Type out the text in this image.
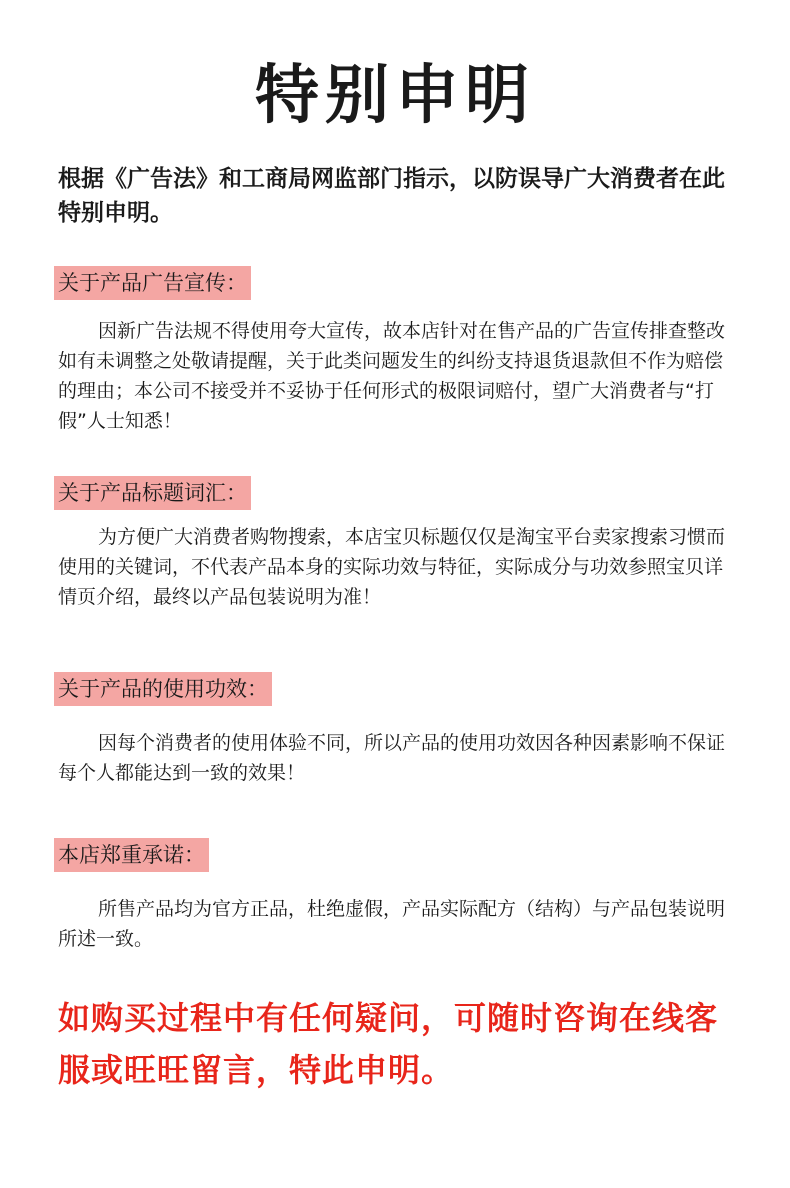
特别申明

根据《广告法》和工商局网监部门指示，以防误导广大消费者在此特别申明。

关于产品广告宣传：

因新广告法规不得使用夸大宣传，故本店针对在售产品的广告宣传排查整改如有未调整之处敬请提醒，关于此类问题发生的纠纷支持退货退款但不作为赔偿的理由；本公司不接受并不妥协于任何形式的极限词赔付，望广大消费者与“打假”人士知悉！

关于产品标题词汇：

为方便广大消费者购物搜索，本店宝贝标题仅仅是淘宝平台卖家搜索习惯而使用的关键词，不代表产品本身的实际功效与特征，实际成分与功效参照宝贝详情页介绍，最终以产品包装说明为准！

关于产品的使用功效：

因每个消费者的使用体验不同，所以产品的使用功效因各种因素影响不保证每个人都能达到一致的效果！

本店郑重承诺：

所售产品均为官方正品，杜绝虚假，产品实际配方（结构）与产品包装说明所述一致。

如购买过程中有任何疑问，可随时咨询在线客服或旺旺留言，特此申明。
